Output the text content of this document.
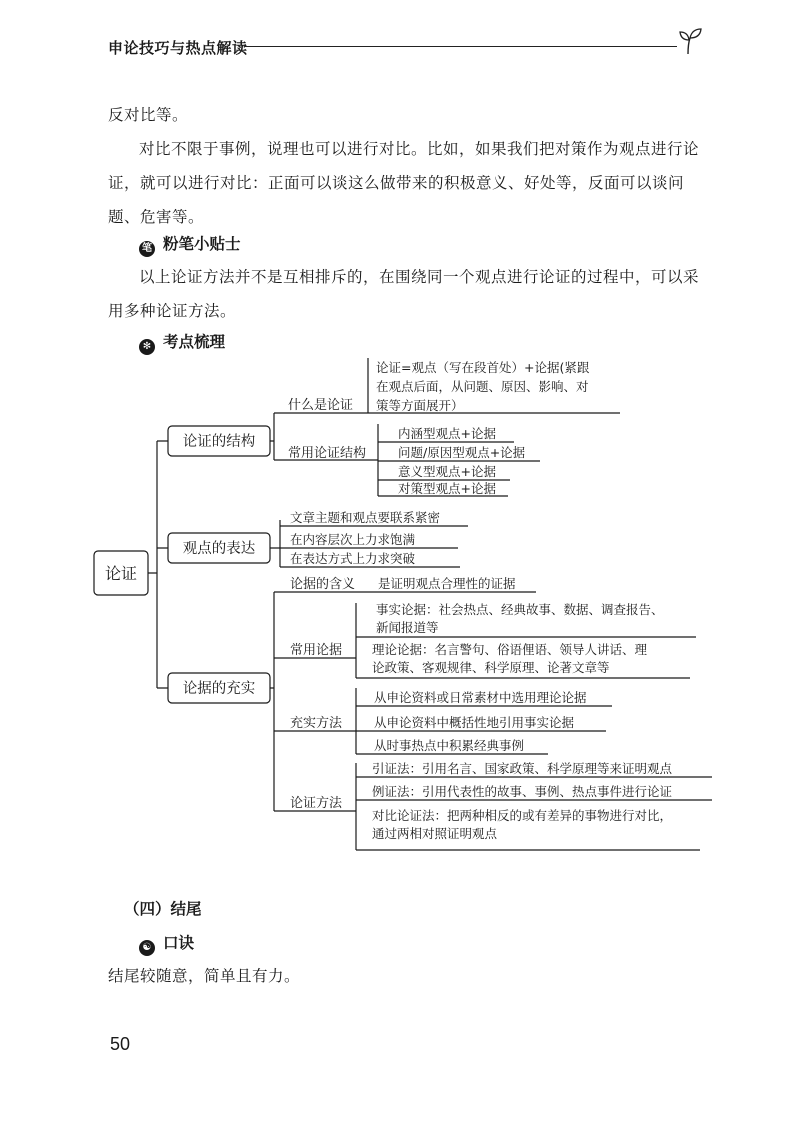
申论技巧与热点解读
反对比等。
对比不限于事例，说理也可以进行对比。比如，如果我们把对策作为观点进行论证，就可以进行对比：正面可以谈这么做带来的积极意义、好处等，反面可以谈问题、危害等。
笔 粉笔小贴士
以上论证方法并不是互相排斥的，在围绕同一个观点进行论证的过程中，可以采用多种论证方法。
✻ 考点梳理
论证
论证的结构
观点的表达
论据的充实
什么是论证
论证=观点（写在段首处）+论据(紧跟
在观点后面，从问题、原因、影响、对
策等方面展开）
常用论证结构
内涵型观点+论据
问题/原因型观点+论据
意义型观点+论据
对策型观点+论据
文章主题和观点要联系紧密
在内容层次上力求饱满
在表达方式上力求突破
论据的含义 是证明观点合理性的证据
常用论据
事实论据：社会热点、经典故事、数据、调查报告、
新闻报道等
理论论据：名言警句、俗语俚语、领导人讲话、理
论政策、客观规律、科学原理、论著文章等
充实方法
从申论资料或日常素材中选用理论论据
从申论资料中概括性地引用事实论据
从时事热点中积累经典事例
论证方法
引证法：引用名言、国家政策、科学原理等来证明观点
例证法：引用代表性的故事、事例、热点事件进行论证
对比论证法：把两种相反的或有差异的事物进行对比，
通过两相对照证明观点
（四）结尾
☯ 口诀
结尾较随意，简单且有力。
50
